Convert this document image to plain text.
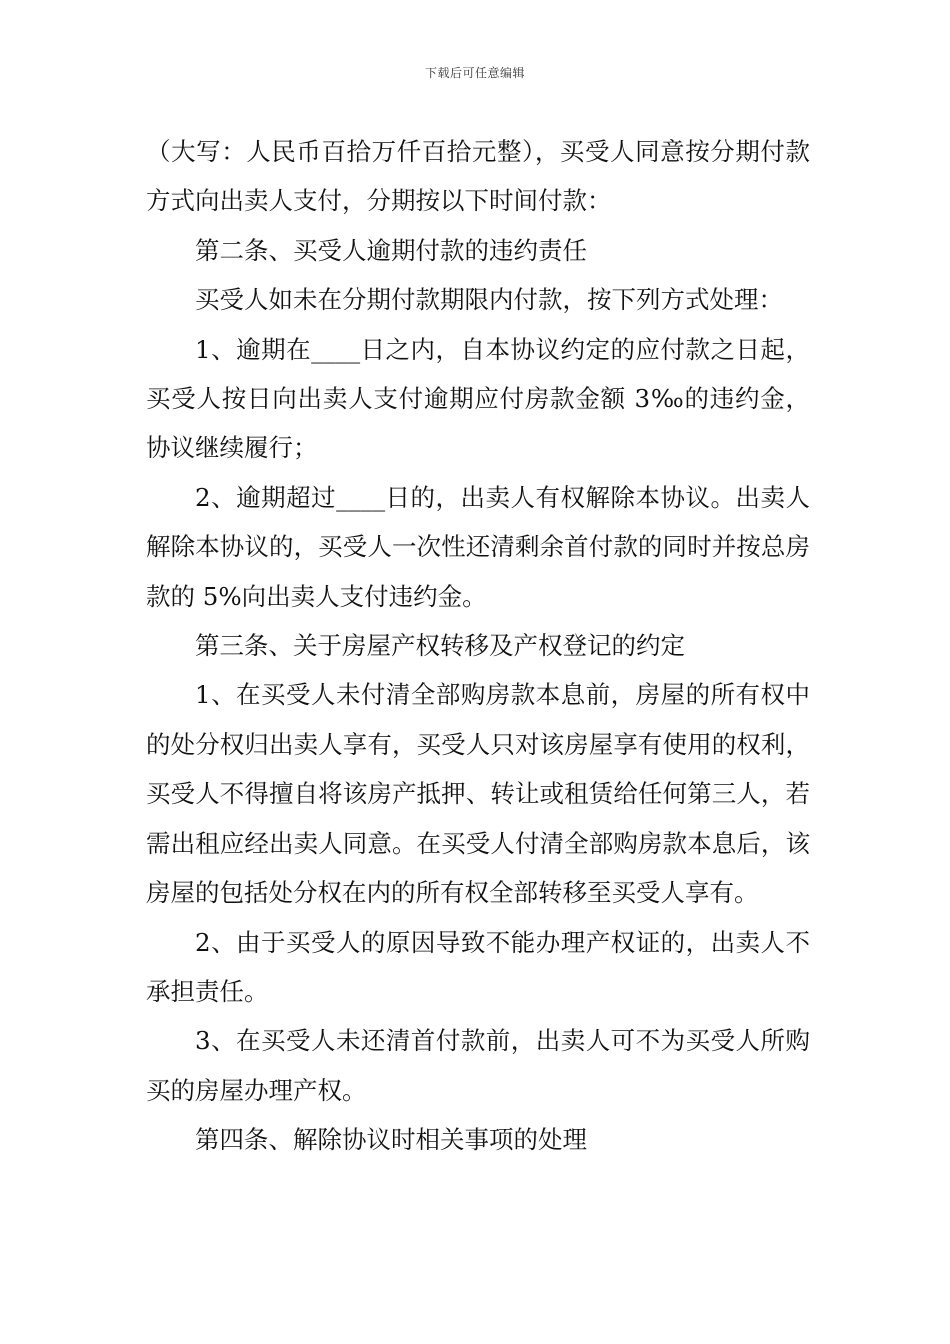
下载后可任意编辑

（大写：人民币百拾万仟百拾元整），买受人同意按分期付款方式向出卖人支付，分期按以下时间付款：

第二条、买受人逾期付款的违约责任

买受人如未在分期付款期限内付款，按下列方式处理：

1、逾期在____日之内，自本协议约定的应付款之日起，买受人按日向出卖人支付逾期应付房款金额 3‰的违约金，协议继续履行；

2、逾期超过____日的，出卖人有权解除本协议。出卖人解除本协议的，买受人一次性还清剩余首付款的同时并按总房款的 5%向出卖人支付违约金。

第三条、关于房屋产权转移及产权登记的约定

1、在买受人未付清全部购房款本息前，房屋的所有权中的处分权归出卖人享有，买受人只对该房屋享有使用的权利，买受人不得擅自将该房产抵押、转让或租赁给任何第三人，若需出租应经出卖人同意。在买受人付清全部购房款本息后，该房屋的包括处分权在内的所有权全部转移至买受人享有。

2、由于买受人的原因导致不能办理产权证的，出卖人不承担责任。

3、在买受人未还清首付款前，出卖人可不为买受人所购买的房屋办理产权。

第四条、解除协议时相关事项的处理
